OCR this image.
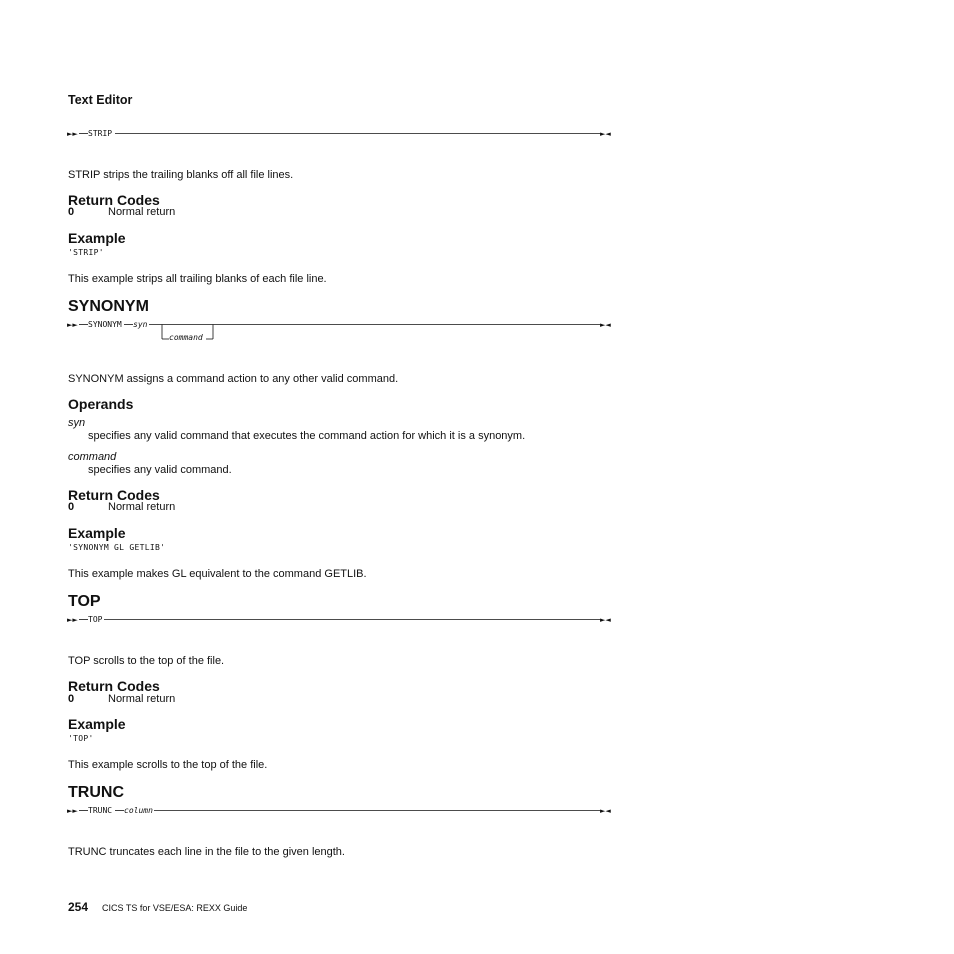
Text Editor
►► STRIP	►◄
STRIP strips the trailing blanks off all file lines.
Return Codes
0	Normal return
Example
'STRIP'
This example strips all trailing blanks of each file line.
SYNONYM
►► SYNONYM syn
command
►◄
SYNONYM assigns a command action to any other valid command.
Operands
syn
specifies any valid command that executes the command action for which it is a synonym.
command
specifies any valid command.
Return Codes
0	Normal return
Example
'SYNONYM GL GETLIB'
This example makes GL equivalent to the command GETLIB.
TOP
►► TOP	►◄
TOP scrolls to the top of the file.
Return Codes
0	Normal return
Example
'TOP'
This example scrolls to the top of the file.
TRUNC
►► TRUNC column	►◄
TRUNC truncates each line in the file to the given length.
254 CICS TS for VSE/ESA: REXX Guide
